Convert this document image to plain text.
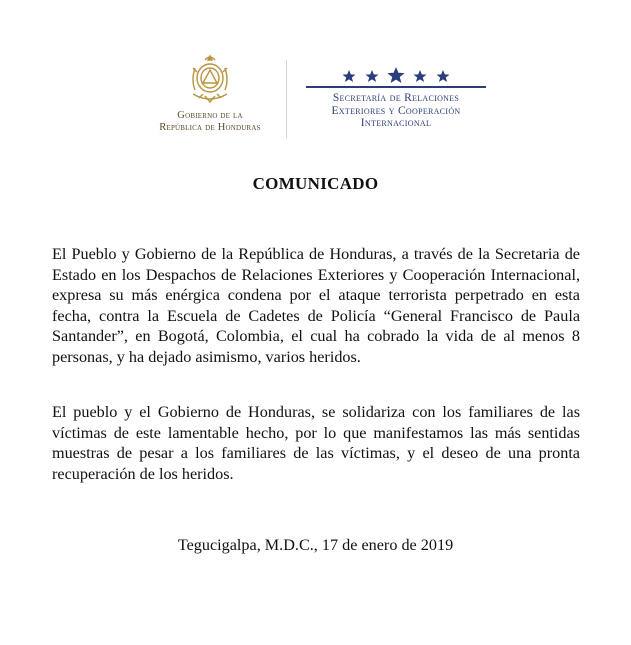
Gobierno de la
República de Honduras
Secretaría de Relaciones
Exteriores y Cooperación
Internacional
COMUNICADO
El Pueblo y Gobierno de la República de Honduras, a través de la Secretaria de Estado en los Despachos de Relaciones Exteriores y Cooperación Internacional, expresa su más enérgica condena por el ataque terrorista perpetrado en esta fecha, contra la Escuela de Cadetes de Policía “General Francisco de Paula Santander”, en Bogotá, Colombia, el cual ha cobrado la vida de al menos 8 personas, y ha dejado asimismo, varios heridos.
El pueblo y el Gobierno de Honduras, se solidariza con los familiares de las víctimas de este lamentable hecho, por lo que manifestamos las más sentidas muestras de pesar a los familiares de las víctimas, y el deseo de una pronta recuperación de los heridos.
Tegucigalpa, M.D.C., 17 de enero de 2019
